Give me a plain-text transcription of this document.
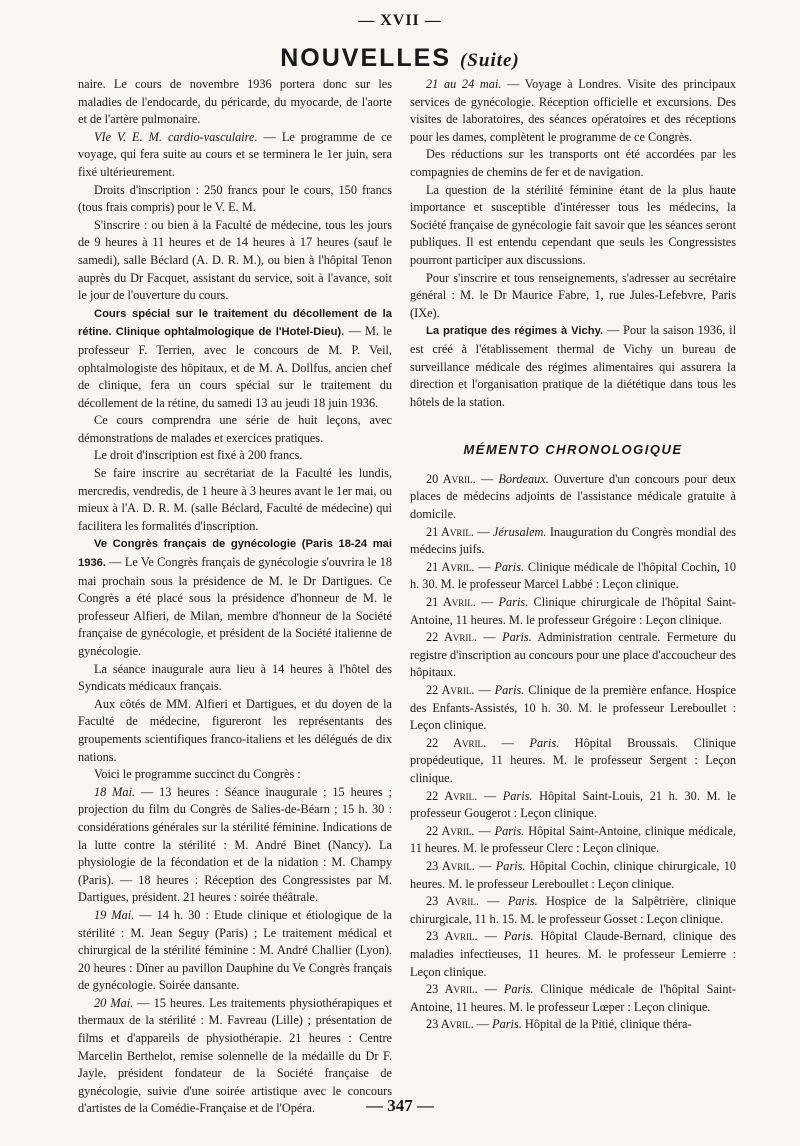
— XVII —
NOUVELLES (Suite)

naire. Le cours de novembre 1936 portera donc sur les maladies de l'endocarde, du péricarde, du myocarde, de l'aorte et de l'artère pulmonaire.

VIe V. E. M. cardio-vasculaire. — Le programme de ce voyage, qui fera suite au cours et se terminera le 1er juin, sera fixé ultérieurement.

Droits d'inscription : 250 francs pour le cours, 150 francs (tous frais compris) pour le V. E. M.

S'inscrire : ou bien à la Faculté de médecine, tous les jours de 9 heures à 11 heures et de 14 heures à 17 heures (sauf le samedi), salle Béclard (A. D. R. M.), ou bien à l'hôpital Tenon auprès du Dr Facquet, assistant du service, soit à l'avance, soit le jour de l'ouverture du cours.

Cours spécial sur le traitement du décollement de la rétine. Clinique ophtalmologique de l'Hotel-Dieu). — M. le professeur F. Terrien, avec le concours de M. P. Veil, ophtalmologiste des hôpitaux, et de M. A. Dollfus, ancien chef de clinique, fera un cours spécial sur le traitement du décollement de la rétine, du samedi 13 au jeudi 18 juin 1936.

Ce cours comprendra une série de huit leçons, avec démonstrations de malades et exercices pratiques.

Le droit d'inscription est fixé à 200 francs.

Se faire inscrire au secrétariat de la Faculté les lundis, mercredis, vendredis, de 1 heure à 3 heures avant le 1er mai, ou mieux à l'A. D. R. M. (salle Béclard, Faculté de médecine) qui facilitera les formalités d'inscription.

Ve Congrès français de gynécologie (Paris 18-24 mai 1936. — Le Ve Congrès français de gynécologie s'ouvrira le 18 mai prochain sous la présidence de M. le Dr Dartigues. Ce Congrès a été placé sous la présidence d'honneur de M. le professeur Alfieri, de Milan, membre d'honneur de la Société française de gynécologie, et président de la Société italienne de gynécologie.

La séance inaugurale aura lieu à 14 heures à l'hôtel des Syndicats médicaux français.

Aux côtés de MM. Alfieri et Dartigues, et du doyen de la Faculté de médecine, figureront les représentants des groupements scientifiques franco-italiens et les délégués de dix nations.

Voici le programme succinct du Congrès :

18 Mai. — 13 heures : Séance inaugurale ; 15 heures ; projection du film du Congrès de Salies-de-Béarn ; 15 h. 30 : considérations générales sur la stérilité féminine. Indications de la lutte contre la stérilité : M. André Binet (Nancy). La physiologie de la fécondation et de la nidation : M. Champy (Paris). — 18 heures : Réception des Congressistes par M. Dartigues, président. 21 heures : soirée théâtrale.

19 Mai. — 14 h. 30 : Etude clinique et étiologique de la stérilité : M. Jean Seguy (Paris) ; Le traitement médical et chirurgical de la stérilité féminine : M. André Challier (Lyon). 20 heures : Dîner au pavillon Dauphine du Ve Congrès français de gynécologie. Soirée dansante.

20 Mai. — 15 heures. Les traitements physiothérapiques et thermaux de la stérilité : M. Favreau (Lille) ; présentation de films et d'appareils de physiothérapie. 21 heures : Centre Marcelin Berthelot, remise solennelle de la médaille du Dr F. Jayle, président fondateur de la Société française de gynécologie, suivie d'une soirée artistique avec le concours d'artistes de la Comédie-Française et de l'Opéra.

21 au 24 mai. — Voyage à Londres. Visite des principaux services de gynécologie. Réception officielle et excursions. Des visites de laboratoires, des séances opératoires et des réceptions pour les dames, complètent le programme de ce Congrès.

Des réductions sur les transports ont été accordées par les compagnies de chemins de fer et de navigation.

La question de la stérilité féminine étant de la plus haute importance et susceptible d'intéresser tous les médecins, la Société française de gynécologie fait savoir que les séances seront publiques. Il est entendu cependant que seuls les Congressistes pourront participer aux discussions.

Pour s'inscrire et tous renseignements, s'adresser au secrétaire général : M. le Dr Maurice Fabre, 1, rue Jules-Lefebvre, Paris (IXe).

La pratique des régimes à Vichy. — Pour la saison 1936, il est créé à l'établissement thermal de Vichy un bureau de surveillance médicale des régimes alimentaires qui assurera la direction et l'organisation pratique de la diététique dans tous les hôtels de la station.

MÉMENTO CHRONOLOGIQUE

20 Avril. — Bordeaux. Ouverture d'un concours pour deux places de médecins adjoints de l'assistance médicale gratuite à domicile.

21 Avril. — Jérusalem. Inauguration du Congrès mondial des médecins juifs.

21 Avril. — Paris. Clinique médicale de l'hôpital Cochin, 10 h. 30. M. le professeur Marcel Labbé : Leçon clinique.

21 Avril. — Paris. Clinique chirurgicale de l'hôpital Saint-Antoine, 11 heures. M. le professeur Grégoire : Leçon clinique.

22 Avril. — Paris. Administration centrale. Fermeture du registre d'inscription au concours pour une place d'accoucheur des hôpitaux.

22 Avril. — Paris. Clinique de la première enfance. Hospice des Enfants-Assistés, 10 h. 30. M. le professeur Lereboullet : Leçon clinique.

22 Avril. — Paris. Hôpital Broussais. Clinique propédeutique, 11 heures. M. le professeur Sergent : Leçon clinique.

22 Avril. — Paris. Hôpital Saint-Louis, 21 h. 30. M. le professeur Gougerot : Leçon clinique.

22 Avril. — Paris. Hôpital Saint-Antoine, clinique médicale, 11 heures. M. le professeur Clerc : Leçon clinique.

23 Avril. — Paris. Hôpital Cochin, clinique chirurgicale, 10 heures. M. le professeur Lereboullet : Leçon clinique.

23 Avril. — Paris. Hospice de la Salpêtrière, clinique chirurgicale, 11 h. 15. M. le professeur Gosset : Leçon clinique.

23 Avril. — Paris. Hôpital Claude-Bernard, clinique des maladies infectieuses, 11 heures. M. le professeur Lemierre : Leçon clinique.

23 Avril. — Paris. Clinique médicale de l'hôpital Saint-Antoine, 11 heures. M. le professeur Lœper : Leçon clinique.

23 Avril. — Paris. Hôpital de la Pitié, clinique théra-

— 347 —
